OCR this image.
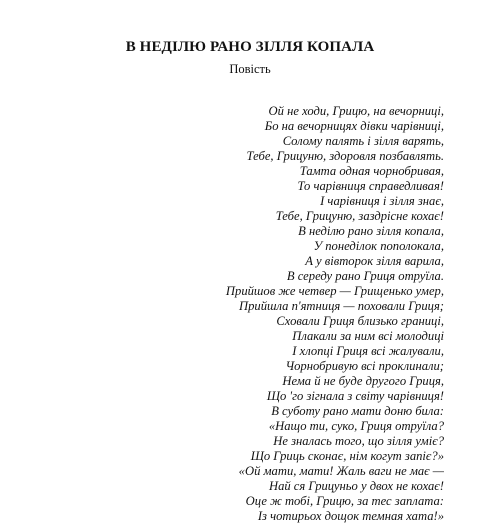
В НЕДІЛЮ РАНО ЗІЛЛЯ КОПАЛА
Повість
Ой не ходи, Грицю, на вечорниці,
Бо на вечорницях дівки чарівниці,
Солому палять і зілля варять,
Тебе, Грицуню, здоровля позбавлять.
Тамта одная чорнобривая,
То чарівниця справедливая!
І чарівниця і зілля знає,
Тебе, Грицуню, заздрісне кохає!
В неділю рано зілля копала,
У понеділок пополокала,
А у вівторок зілля варила,
В середу рано Гриця отруїла.
Прийшов же четвер — Грищенько умер,
Прийшла п'ятниця — поховали Гриця;
Сховали Гриця близько границі,
Плакали за ним всі молодиці
І хлопці Гриця всі жалували,
Чорнобривую всі проклинали;
Нема й не буде другого Гриця,
Що 'го зігнала з світу чарівниця!
В суботу рано мати доню била:
«Нащо ти, суко, Гриця отруїла?
Не зналась того, що зілля уміє?
Що Гриць сконає, нім когут запіє?»
«Ой мати, мати! Жаль ваги не має —
Най ся Грицуньо у двох не кохає!
Оце ж тобі, Грицю, за тес заплата:
Із чотирьох дощок темная хата!»
